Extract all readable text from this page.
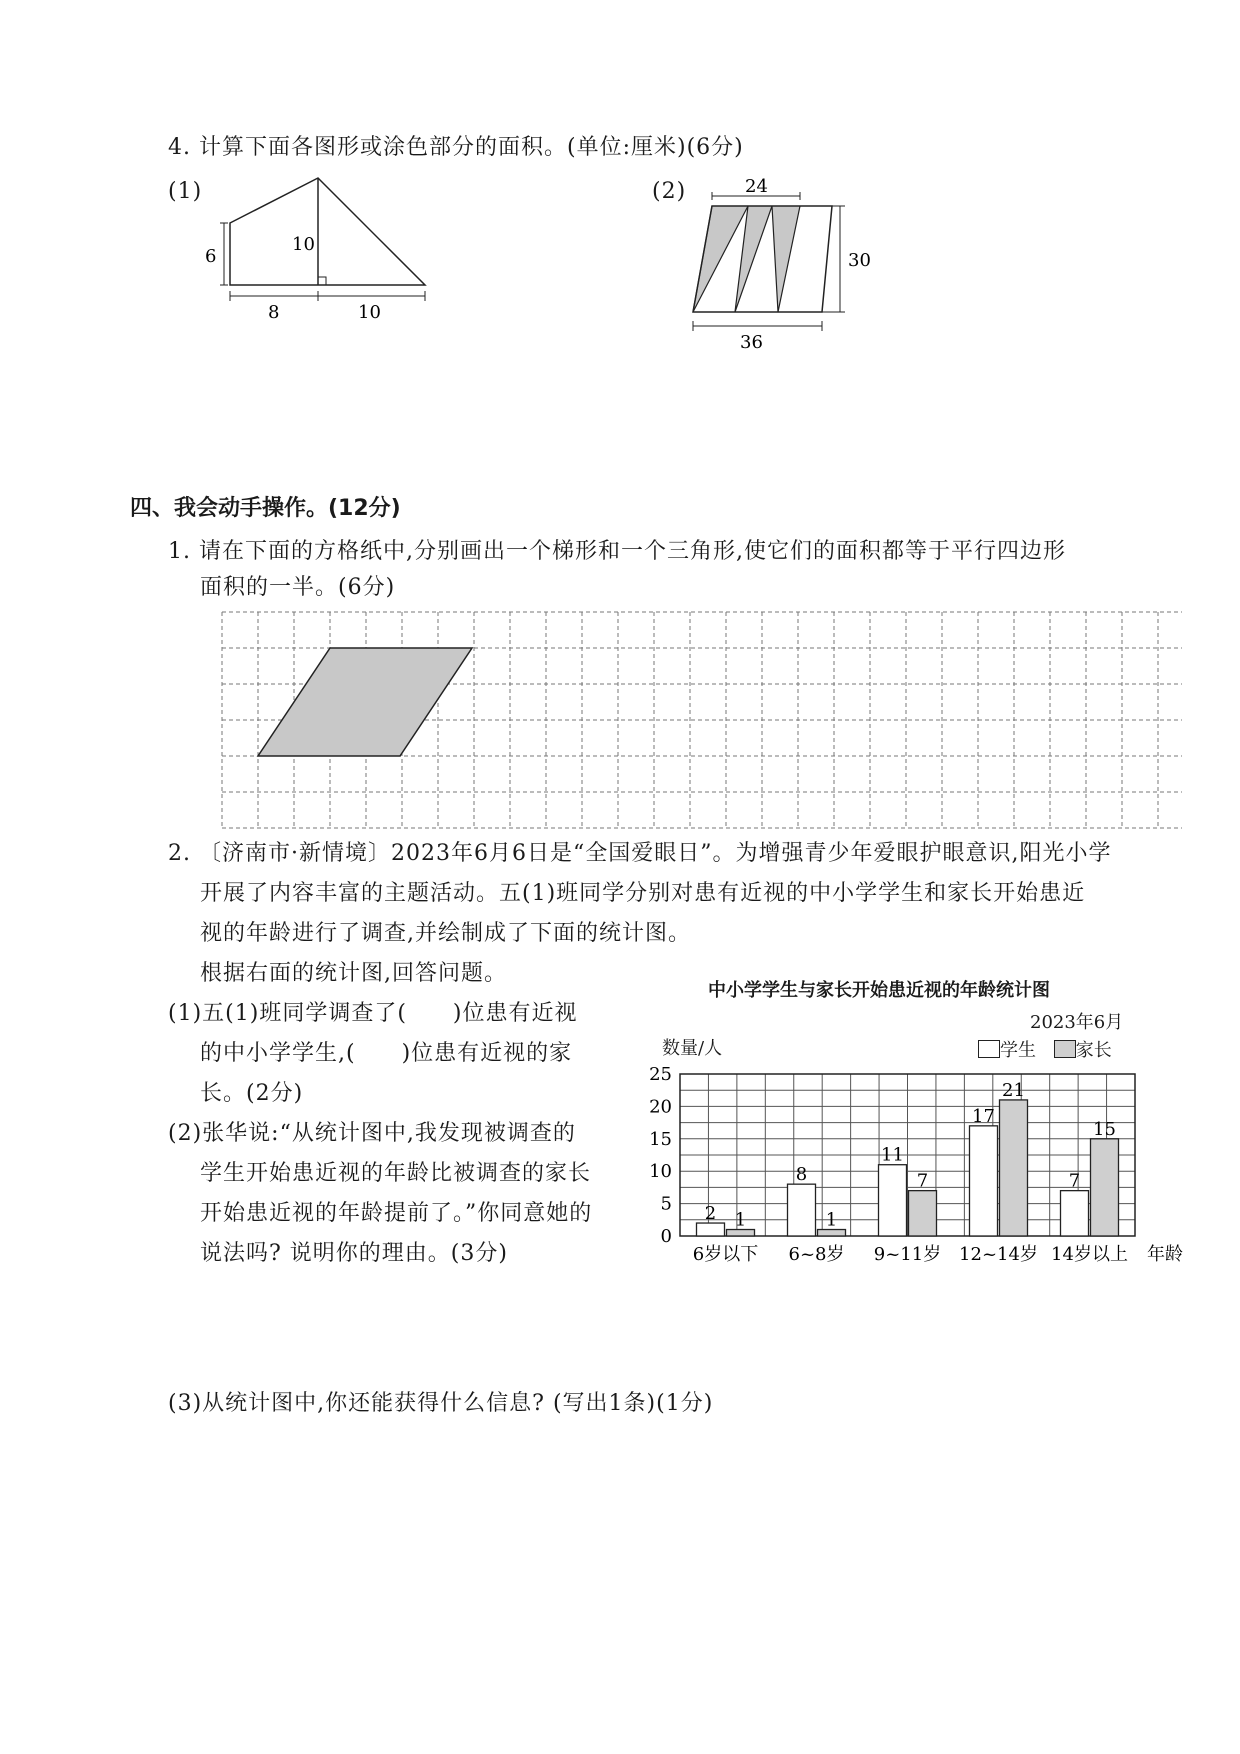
4. 计算下面各图形或涂色部分的面积。(单位:厘米)(6分)
(1)
6
10
8	10
(2)	24
30
36
四、我会动手操作。(12分)
1. 请在下面的方格纸中,分别画出一个梯形和一个三角形,使它们的面积都等于平行四边形
面积的一半。(6分)
2. 〔济南市·新情境〕2023年6月6日是“全国爱眼日”。为增强青少年爱眼护眼意识,阳光小学
开展了内容丰富的主题活动。五(1)班同学分别对患有近视的中小学学生和家长开始患近
视的年龄进行了调查,并绘制成了下面的统计图。
根据右面的统计图,回答问题。
(1)五(1)班同学调查了(　　)位患有近视
的中小学学生,(　　)位患有近视的家
长。(2分)
(2)张华说:“从统计图中,我发现被调查的
学生开始患近视的年龄比被调查的家长
开始患近视的年龄提前了。”你同意她的
说法吗? 说明你的理由。(3分)
中小学学生与家长开始患近视的年龄统计图
2023年6月
数量/人	学生 家长
0
5
10
15
20
25
2 1
6岁以下
8
1
6~8岁
11
7
9~11岁
17
21
12~14岁
7
15
14岁以上 年龄
(3)从统计图中,你还能获得什么信息? (写出1条)(1分)
